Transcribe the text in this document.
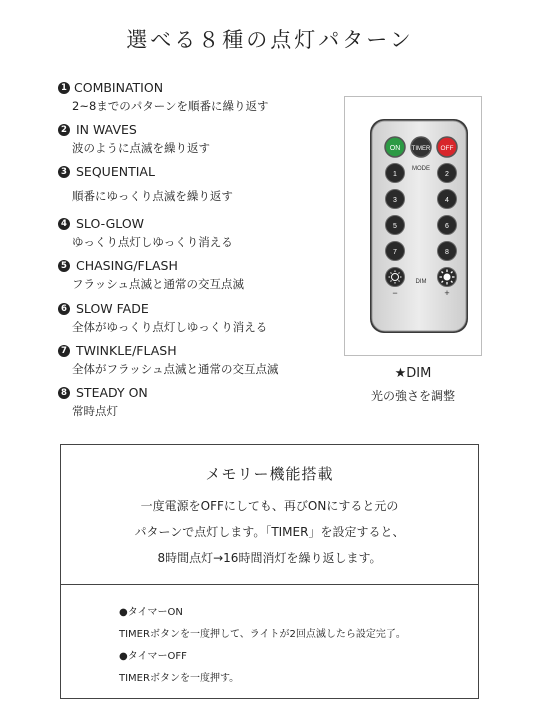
選べる８種の点灯パターン
1 COMBINATION
2~8までのパターンを順番に繰り返す
2 IN WAVES
波のように点滅を繰り返す
3 SEQUENTIAL
順番にゆっくり点滅を繰り返す
4 SLO-GLOW
ゆっくり点灯しゆっくり消える
5 CHASING/FLASH
フラッシュ点滅と通常の交互点滅
6 SLOW FADE
全体がゆっくり点灯しゆっくり消える
7 TWINKLE/FLASH
全体がフラッシュ点滅と通常の交互点滅
8 STEADY ON
常時点灯
ON TIMER OFF
MODE
1	2
3	4
5	6
7	8
DIM
−	+
★DIM
光の強さを調整
メモリー機能搭載
一度電源をOFFにしても、再びONにすると元の
パターンで点灯します。「TIMER」を設定すると、
8時間点灯→16時間消灯を繰り返します。
●タイマーON
TIMERボタンを一度押して、ライトが2回点滅したら設定完了。
●タイマーOFF
TIMERボタンを一度押す。
